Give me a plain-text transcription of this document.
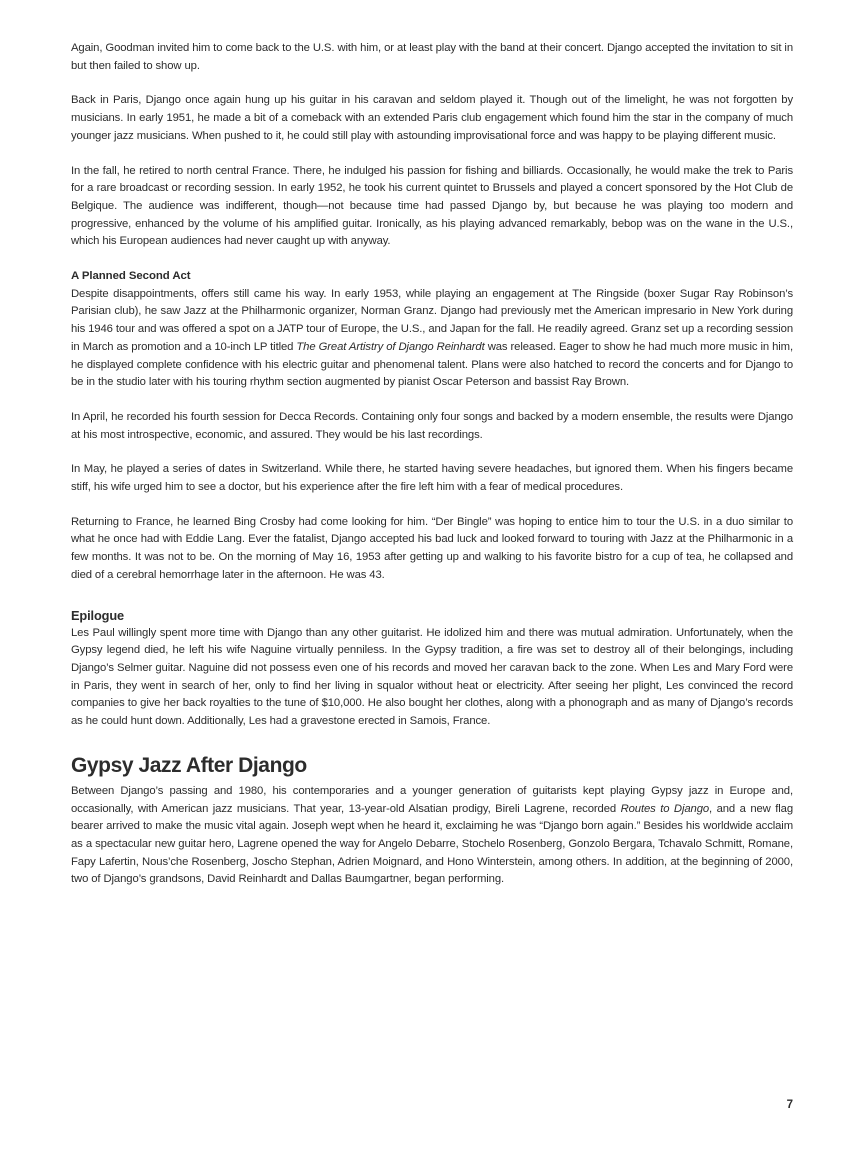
Again, Goodman invited him to come back to the U.S. with him, or at least play with the band at their concert. Django accepted the invitation to sit in but then failed to show up.

Back in Paris, Django once again hung up his guitar in his caravan and seldom played it. Though out of the limelight, he was not forgotten by musicians. In early 1951, he made a bit of a comeback with an extended Paris club engagement which found him the star in the company of much younger jazz musicians. When pushed to it, he could still play with astounding improvisational force and was happy to be playing different music.

In the fall, he retired to north central France. There, he indulged his passion for fishing and billiards. Occasionally, he would make the trek to Paris for a rare broadcast or recording session. In early 1952, he took his current quintet to Brussels and played a concert sponsored by the Hot Club de Belgique. The audience was indifferent, though—not because time had passed Django by, but because he was playing too modern and progressive, enhanced by the volume of his amplified guitar. Ironically, as his playing advanced remarkably, bebop was on the wane in the U.S., which his European audiences had never caught up with anyway.

A Planned Second Act

Despite disappointments, offers still came his way. In early 1953, while playing an engagement at The Ringside (boxer Sugar Ray Robinson’s Parisian club), he saw Jazz at the Philharmonic organizer, Norman Granz. Django had previously met the American impresario in New York during his 1946 tour and was offered a spot on a JATP tour of Europe, the U.S., and Japan for the fall. He readily agreed. Granz set up a recording session in March as promotion and a 10-inch LP titled The Great Artistry of Django Reinhardt was released. Eager to show he had much more music in him, he displayed complete confidence with his electric guitar and phenomenal talent. Plans were also hatched to record the concerts and for Django to be in the studio later with his touring rhythm section augmented by pianist Oscar Peterson and bassist Ray Brown.

In April, he recorded his fourth session for Decca Records. Containing only four songs and backed by a modern ensemble, the results were Django at his most introspective, economic, and assured. They would be his last recordings.

In May, he played a series of dates in Switzerland. While there, he started having severe headaches, but ignored them. When his fingers became stiff, his wife urged him to see a doctor, but his experience after the fire left him with a fear of medical procedures.

Returning to France, he learned Bing Crosby had come looking for him. “Der Bingle” was hoping to entice him to tour the U.S. in a duo similar to what he once had with Eddie Lang. Ever the fatalist, Django accepted his bad luck and looked forward to touring with Jazz at the Philharmonic in a few months. It was not to be. On the morning of May 16, 1953 after getting up and walking to his favorite bistro for a cup of tea, he collapsed and died of a cerebral hemorrhage later in the afternoon. He was 43.

Epilogue

Les Paul willingly spent more time with Django than any other guitarist. He idolized him and there was mutual admiration. Unfortunately, when the Gypsy legend died, he left his wife Naguine virtually penniless. In the Gypsy tradition, a fire was set to destroy all of their belongings, including Django’s Selmer guitar. Naguine did not possess even one of his records and moved her caravan back to the zone. When Les and Mary Ford were in Paris, they went in search of her, only to find her living in squalor without heat or electricity. After seeing her plight, Les convinced the record companies to give her back royalties to the tune of $10,000. He also bought her clothes, along with a phonograph and as many of Django’s records as he could hunt down. Additionally, Les had a gravestone erected in Samois, France.

Gypsy Jazz After Django

Between Django’s passing and 1980, his contemporaries and a younger generation of guitarists kept playing Gypsy jazz in Europe and, occasionally, with American jazz musicians. That year, 13-year-old Alsatian prodigy, Bireli Lagrene, recorded Routes to Django, and a new flag bearer arrived to make the music vital again. Joseph wept when he heard it, exclaiming he was “Django born again.” Besides his worldwide acclaim as a spectacular new guitar hero, Lagrene opened the way for Angelo Debarre, Stochelo Rosenberg, Gonzolo Bergara, Tchavalo Schmitt, Romane, Fapy Lafertin, Nous’che Rosenberg, Joscho Stephan, Adrien Moignard, and Hono Winterstein, among others. In addition, at the beginning of 2000, two of Django’s grandsons, David Reinhardt and Dallas Baumgartner, began performing.

7
